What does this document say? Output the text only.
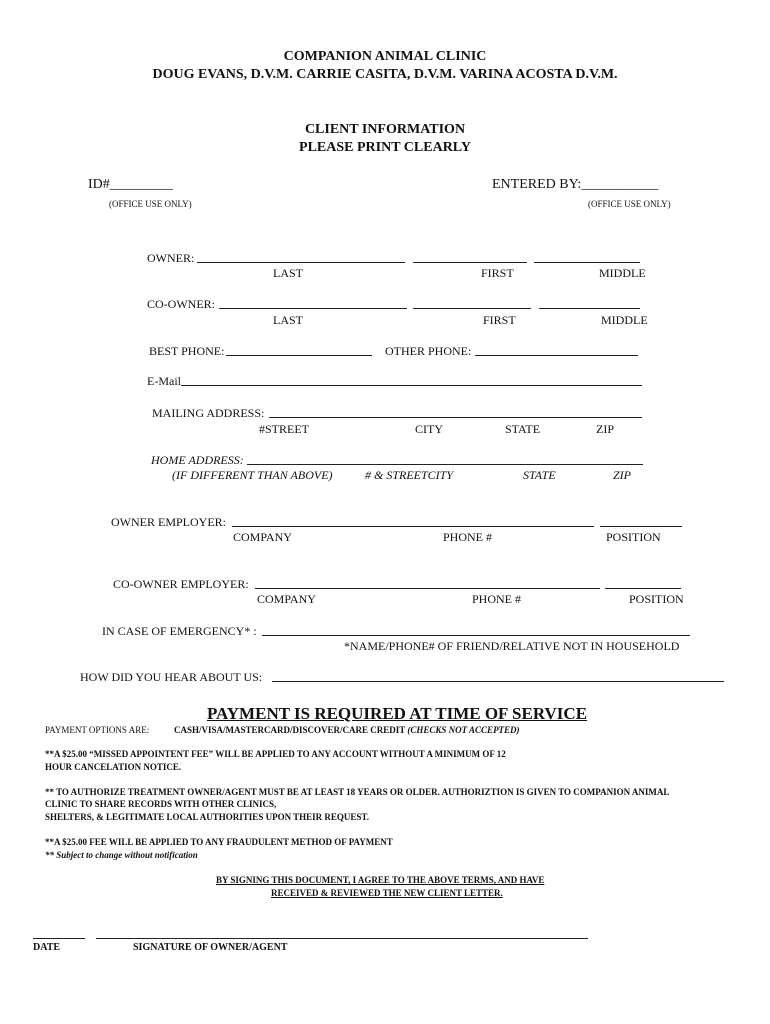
COMPANION ANIMAL CLINIC
DOUG EVANS, D.V.M. CARRIE CASITA, D.V.M. VARINA ACOSTA D.V.M.
CLIENT INFORMATION
PLEASE PRINT CLEARLY
ID#_________	ENTERED BY:___________
(OFFICE USE ONLY)	(OFFICE USE ONLY)
OWNER:
LAST	FIRST	MIDDLE
CO-OWNER:
LAST	FIRST	MIDDLE
BEST PHONE:	OTHER PHONE:
E-Mail
MAILING ADDRESS:
#STREET	CITY	STATE	ZIP
HOME ADDRESS:
(IF DIFFERENT THAN ABOVE)	# & STREETCITY	STATE	ZIP
OWNER EMPLOYER:
COMPANY	PHONE #	POSITION
CO-OWNER EMPLOYER:
COMPANY	PHONE #	POSITION
IN CASE OF EMERGENCY* :
*NAME/PHONE# OF FRIEND/RELATIVE NOT IN HOUSEHOLD
HOW DID YOU HEAR ABOUT US:
PAYMENT IS REQUIRED AT TIME OF SERVICE
PAYMENT OPTIONS ARE:	CASH/VISA/MASTERCARD/DISCOVER/CARE CREDIT (CHECKS NOT ACCEPTED)
**A $25.00 “MISSED APPOINTENT FEE” WILL BE APPLIED TO ANY ACCOUNT WITHOUT A MINIMUM OF 12
HOUR CANCELATION NOTICE.
** TO AUTHORIZE TREATMENT OWNER/AGENT MUST BE AT LEAST 18 YEARS OR OLDER. AUTHORIZTION IS GIVEN TO COMPANION ANIMAL
CLINIC TO SHARE RECORDS WITH OTHER CLINICS,
SHELTERS, & LEGITIMATE LOCAL AUTHORITIES UPON THEIR REQUEST.
**A $25.00 FEE WILL BE APPLIED TO ANY FRAUDULENT METHOD OF PAYMENT
** Subject to change without notification
BY SIGNING THIS DOCUMENT, I AGREE TO THE ABOVE TERMS, AND HAVE
RECEIVED & REVIEWED THE NEW CLIENT LETTER.
DATE	SIGNATURE OF OWNER/AGENT
